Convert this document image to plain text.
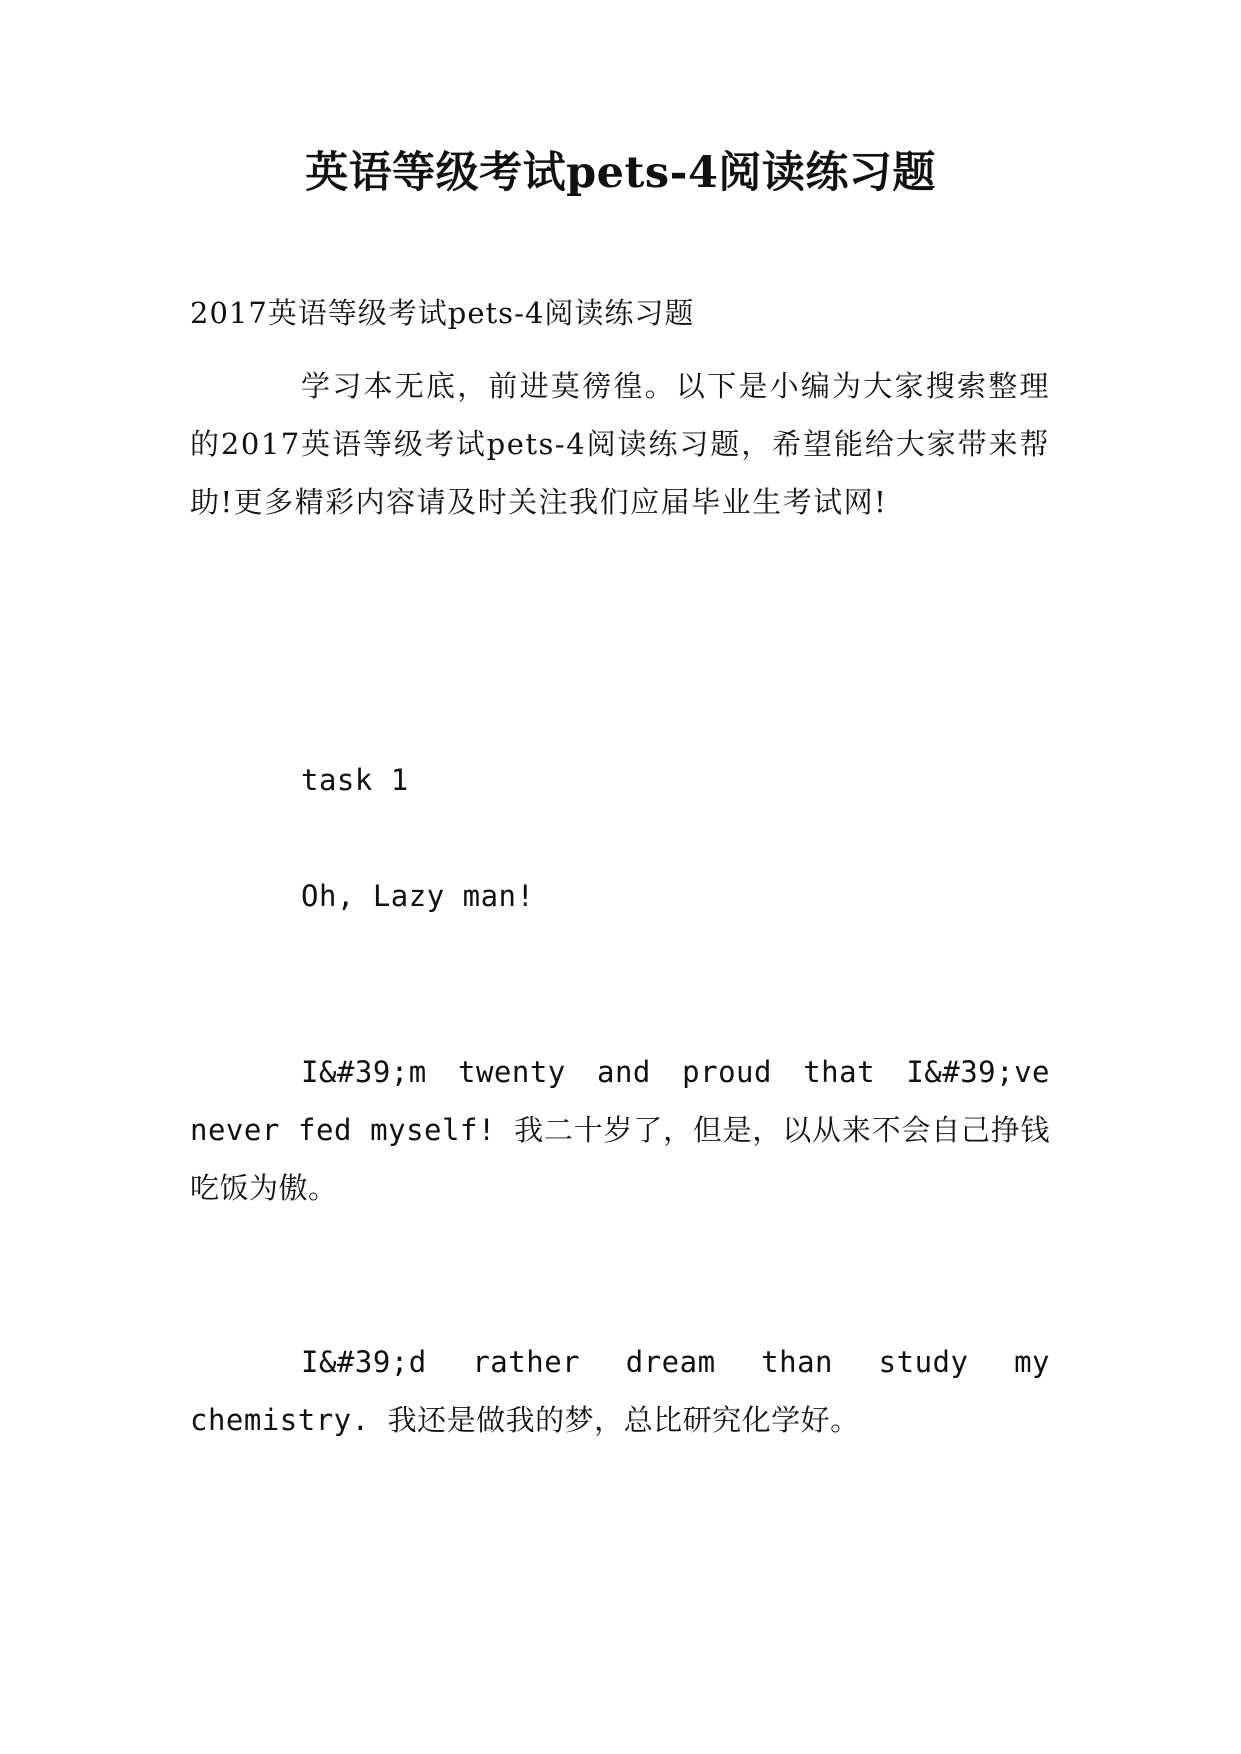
英语等级考试pets-4阅读练习题

2017英语等级考试pets-4阅读练习题

学习本无底，前进莫徬徨。以下是小编为大家搜索整理的2017英语等级考试pets-4阅读练习题，希望能给大家带来帮助!更多精彩内容请及时关注我们应届毕业生考试网!

task 1

Oh, Lazy man!

I&#39;m twenty and proud that I&#39;ve never fed myself! 我二十岁了，但是，以从来不会自己挣钱吃饭为傲。

I&#39;d rather dream than study my chemistry. 我还是做我的梦，总比研究化学好。
